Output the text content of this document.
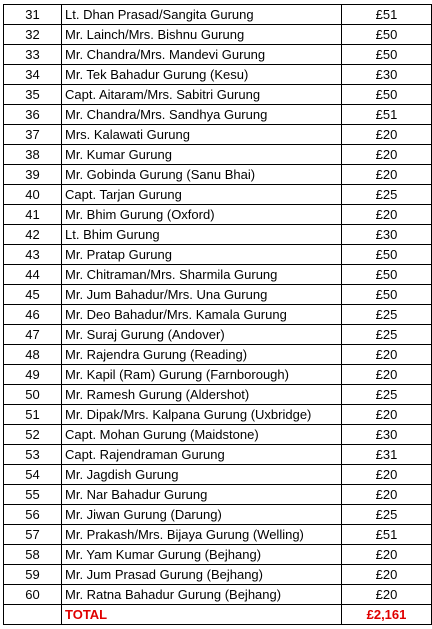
31	Lt. Dhan Prasad/Sangita Gurung	£51
32	Mr. Lainch/Mrs. Bishnu Gurung	£50
33	Mr. Chandra/Mrs. Mandevi Gurung	£50
34	Mr. Tek Bahadur Gurung (Kesu)	£30
35	Capt. Aitaram/Mrs. Sabitri Gurung	£50
36	Mr. Chandra/Mrs. Sandhya Gurung	£51
37	Mrs. Kalawati Gurung	£20
38	Mr. Kumar Gurung	£20
39	Mr. Gobinda Gurung (Sanu Bhai)	£20
40	Capt. Tarjan Gurung	£25
41	Mr. Bhim Gurung (Oxford)	£20
42	Lt. Bhim Gurung	£30
43	Mr. Pratap Gurung	£50
44	Mr. Chitraman/Mrs. Sharmila Gurung	£50
45	Mr. Jum Bahadur/Mrs. Una Gurung	£50
46	Mr. Deo Bahadur/Mrs. Kamala Gurung	£25
47	Mr. Suraj Gurung (Andover)	£25
48	Mr. Rajendra Gurung (Reading)	£20
49	Mr. Kapil (Ram) Gurung (Farnborough)	£20
50	Mr. Ramesh Gurung (Aldershot)	£25
51	Mr. Dipak/Mrs. Kalpana Gurung (Uxbridge)	£20
52	Capt. Mohan Gurung (Maidstone)	£30
53	Capt. Rajendraman Gurung	£31
54	Mr. Jagdish Gurung	£20
55	Mr. Nar Bahadur Gurung	£20
56	Mr. Jiwan Gurung (Darung)	£25
57	Mr. Prakash/Mrs. Bijaya Gurung (Welling)	£51
58	Mr. Yam Kumar Gurung (Bejhang)	£20
59	Mr. Jum Prasad Gurung (Bejhang)	£20
60	Mr. Ratna Bahadur Gurung (Bejhang)	£20
	TOTAL	£2,161
